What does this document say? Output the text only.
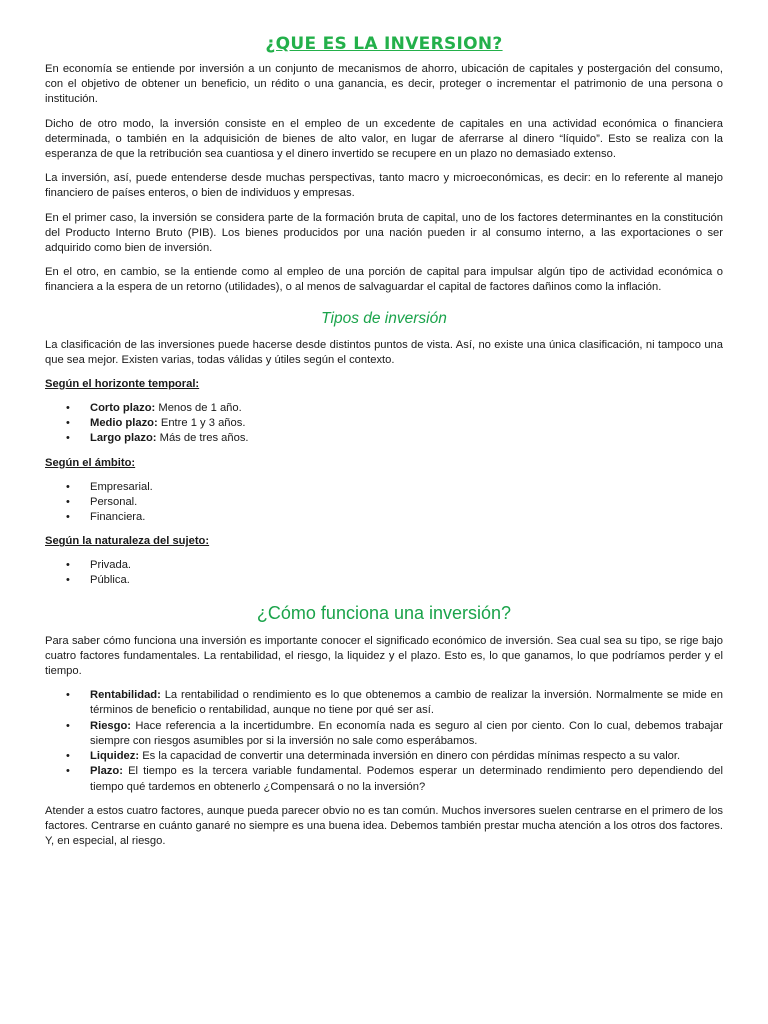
¿QUE ES LA INVERSION?

En economía se entiende por inversión a un conjunto de mecanismos de ahorro, ubicación de capitales y postergación del consumo, con el objetivo de obtener un beneficio, un rédito o una ganancia, es decir, proteger o incrementar el patrimonio de una persona o institución.

Dicho de otro modo, la inversión consiste en el empleo de un excedente de capitales en una actividad económica o financiera determinada, o también en la adquisición de bienes de alto valor, en lugar de aferrarse al dinero “líquido”. Esto se realiza con la esperanza de que la retribución sea cuantiosa y el dinero invertido se recupere en un plazo no demasiado extenso.

La inversión, así, puede entenderse desde muchas perspectivas, tanto macro y microeconómicas, es decir: en lo referente al manejo financiero de países enteros, o bien de individuos y empresas.

En el primer caso, la inversión se considera parte de la formación bruta de capital, uno de los factores determinantes en la constitución del Producto Interno Bruto (PIB). Los bienes producidos por una nación pueden ir al consumo interno, a las exportaciones o ser adquirido como bien de inversión.

En el otro, en cambio, se la entiende como al empleo de una porción de capital para impulsar algún tipo de actividad económica o financiera a la espera de un retorno (utilidades), o al menos de salvaguardar el capital de factores dañinos como la inflación.

Tipos de inversión

La clasificación de las inversiones puede hacerse desde distintos puntos de vista. Así, no existe una única clasificación, ni tampoco una que sea mejor. Existen varias, todas válidas y útiles según el contexto.

Según el horizonte temporal:
• Corto plazo: Menos de 1 año.
• Medio plazo: Entre 1 y 3 años.
• Largo plazo: Más de tres años.
Según el ámbito:
• Empresarial.
• Personal.
• Financiera.
Según la naturaleza del sujeto:
• Privada.
• Pública.
¿Cómo funciona una inversión?

Para saber cómo funciona una inversión es importante conocer el significado económico de inversión. Sea cual sea su tipo, se rige bajo cuatro factores fundamentales. La rentabilidad, el riesgo, la liquidez y el plazo. Esto es, lo que ganamos, lo que podríamos perder y el tiempo.

• Rentabilidad: La rentabilidad o rendimiento es lo que obtenemos a cambio de realizar la inversión. Normalmente se mide en términos de beneficio o rentabilidad, aunque no tiene por qué ser así.
• Riesgo: Hace referencia a la incertidumbre. En economía nada es seguro al cien por ciento. Con lo cual, debemos trabajar siempre con riesgos asumibles por si la inversión no sale como esperábamos.
• Liquidez: Es la capacidad de convertir una determinada inversión en dinero con pérdidas mínimas respecto a su valor.
• Plazo: El tiempo es la tercera variable fundamental. Podemos esperar un determinado rendimiento pero dependiendo del tiempo qué tardemos en obtenerlo ¿Compensará o no la inversión?

Atender a estos cuatro factores, aunque pueda parecer obvio no es tan común. Muchos inversores suelen centrarse en el primero de los factores. Centrarse en cuánto ganaré no siempre es una buena idea. Debemos también prestar mucha atención a los otros dos factores. Y, en especial, al riesgo.
